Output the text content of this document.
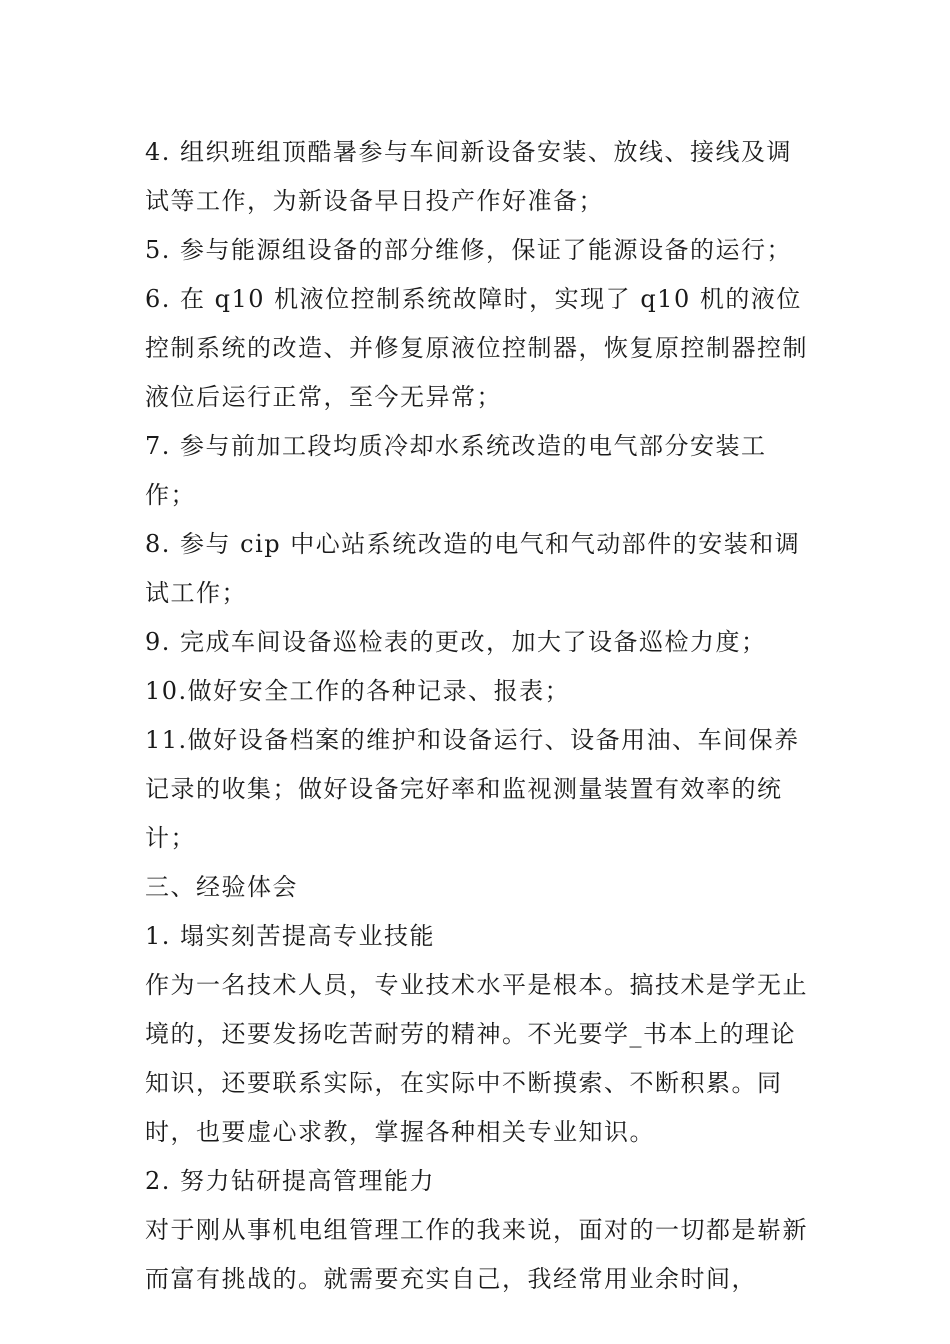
4. 组织班组顶酷暑参与车间新设备安装、放线、接线及调试等工作，为新设备早日投产作好准备；

5. 参与能源组设备的部分维修，保证了能源设备的运行；

6. 在 q10 机液位控制系统故障时，实现了 q10 机的液位控制系统的改造、并修复原液位控制器，恢复原控制器控制液位后运行正常，至今无异常；

7. 参与前加工段均质冷却水系统改造的电气部分安装工作；

8. 参与 cip 中心站系统改造的电气和气动部件的安装和调试工作；

9. 完成车间设备巡检表的更改，加大了设备巡检力度；

10.做好安全工作的各种记录、报表；

11.做好设备档案的维护和设备运行、设备用油、车间保养记录的收集；做好设备完好率和监视测量装置有效率的统计；

三、经验体会

1. 塌实刻苦提高专业技能

作为一名技术人员，专业技术水平是根本。搞技术是学无止境的，还要发扬吃苦耐劳的精神。不光要学_书本上的理论知识，还要联系实际，在实际中不断摸索、不断积累。同时，也要虚心求教，掌握各种相关专业知识。

2. 努力钻研提高管理能力

对于刚从事机电组管理工作的我来说，面对的一切都是崭新而富有挑战的。就需要充实自己，我经常用业余时间，
